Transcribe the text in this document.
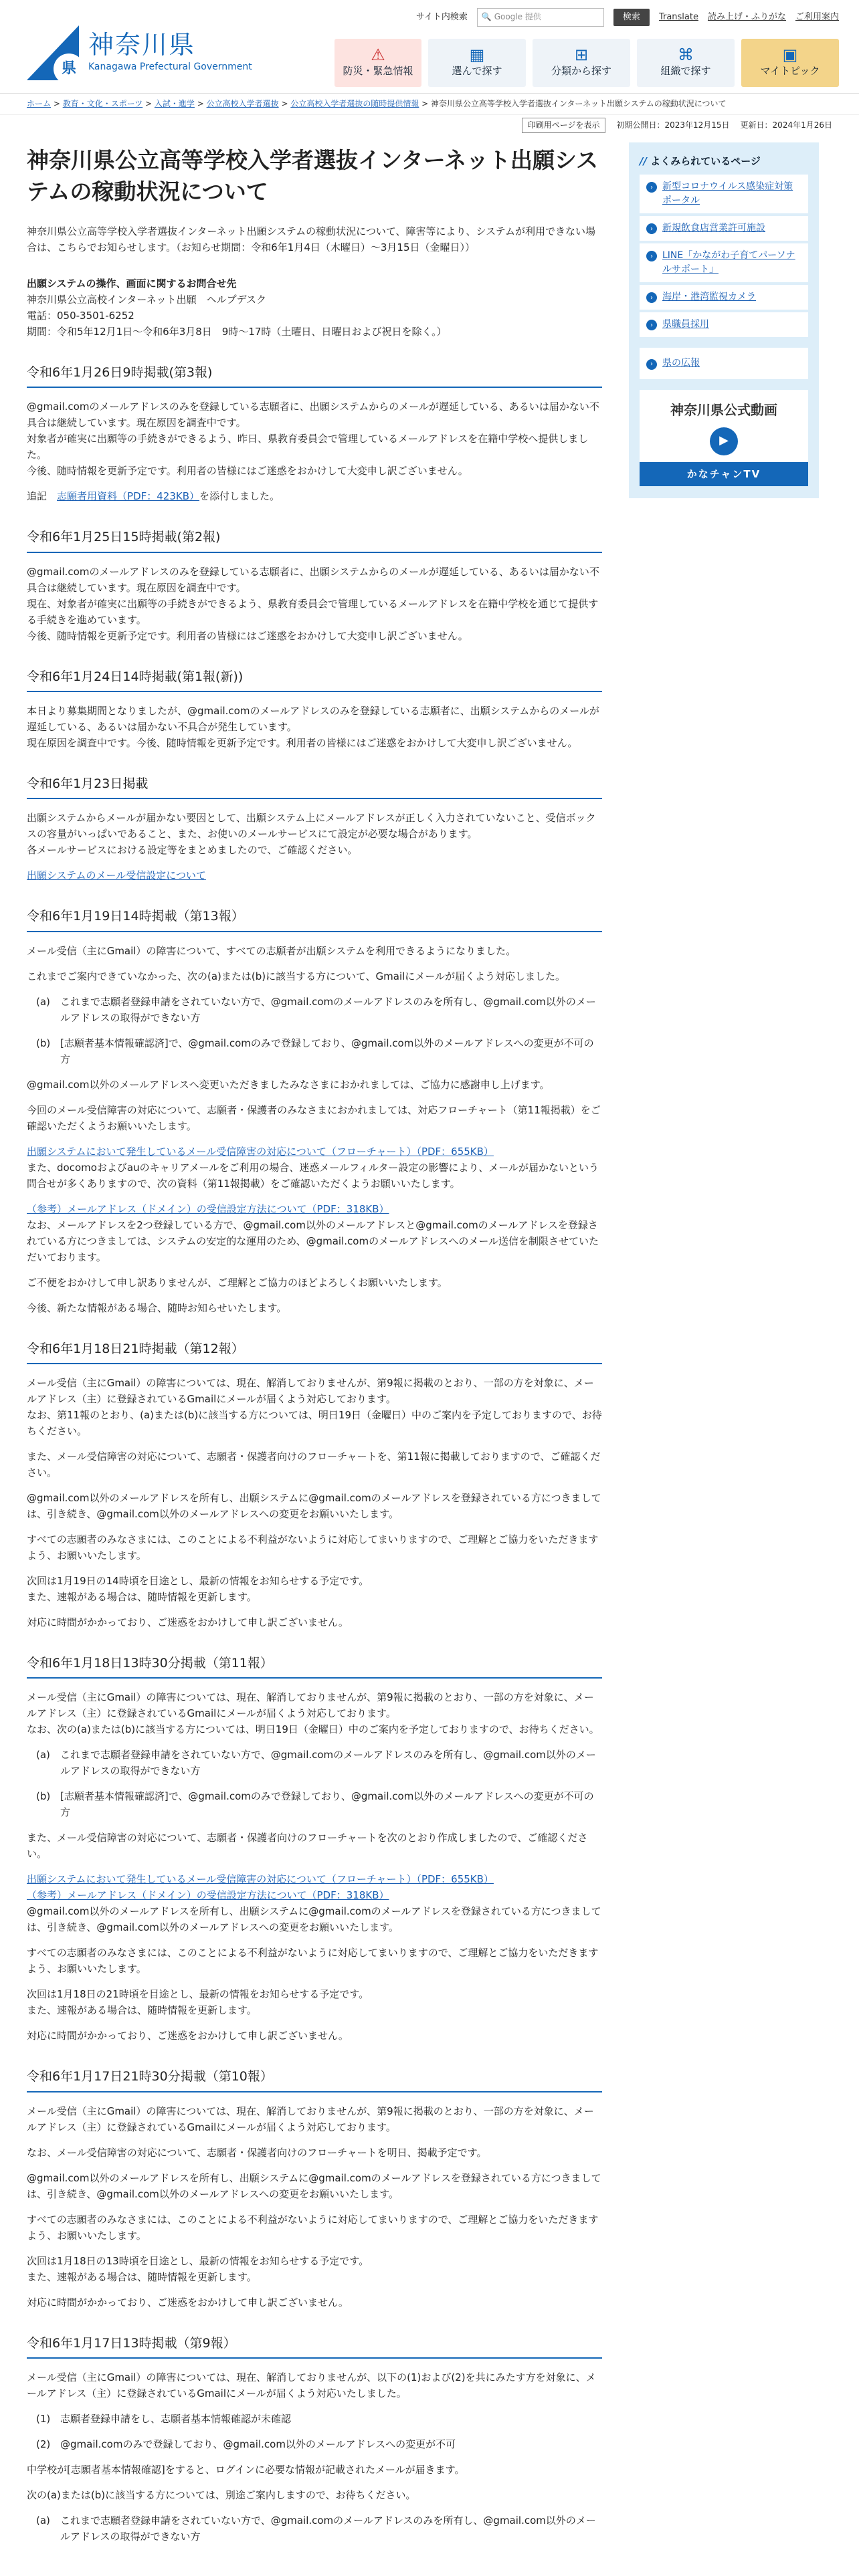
県
神奈川県
Kanagawa Prefectural Government
サイト内検索 🔍 Google 提供	検索	Translate 読み上げ・ふりがな ご利用案内
⚠
防災・緊急情報
▦
選んで探す
⊞
分類から探す
⌘
組織で探す
▣
マイトピック
ホーム > 教育・文化・スポーツ > 入試・進学 > 公立高校入学者選抜 > 公立高校入学者選抜の随時提供情報 > 神奈川県公立高等学校入学者選抜インターネット出願システムの稼動状況について
印刷用ページを表示	初期公開日：2023年12月15日 更新日：2024年1月26日
神奈川県公立高等学校入学者選抜インターネット出願システムの稼動状況について

神奈川県公立高等学校入学者選抜インターネット出願システムの稼動状況について、障害等により、システムが利用できない場合は、こちらでお知らせします。（お知らせ期間：令和6年1月4日（木曜日）～3月15日（金曜日））

出願システムの操作、画面に関するお問合せ先

神奈川県公立高校インターネット出願　ヘルプデスク

電話：050-3501-6252

期間：令和5年12月1日～令和6年3月8日　9時～17時（土曜日、日曜日および祝日を除く。）

令和6年1月26日9時掲載(第3報)

@gmail.comのメールアドレスのみを登録している志願者に、出願システムからのメールが遅延している、あるいは届かない不具合は継続しています。現在原因を調査中です。
対象者が確実に出願等の手続きができるよう、昨日、県教育委員会で管理しているメールアドレスを在籍中学校へ提供しました。
今後、随時情報を更新予定です。利用者の皆様にはご迷惑をおかけして大変申し訳ございません。

追記　 志願者用資料（PDF：423KB）を添付しました。

令和6年1月25日15時掲載(第2報)

@gmail.comのメールアドレスのみを登録している志願者に、出願システムからのメールが遅延している、あるいは届かない不具合は継続しています。現在原因を調査中です。
現在、対象者が確実に出願等の手続きができるよう、県教育委員会で管理しているメールアドレスを在籍中学校を通じて提供する手続きを進めています。
今後、随時情報を更新予定です。利用者の皆様にはご迷惑をおかけして大変申し訳ございません。

令和6年1月24日14時掲載(第1報(新))

本日より募集期間となりましたが、@gmail.comのメールアドレスのみを登録している志願者に、出願システムからのメールが遅延している、あるいは届かない不具合が発生しています。
現在原因を調査中です。今後、随時情報を更新予定です。利用者の皆様にはご迷惑をおかけして大変申し訳ございません。

令和6年1月23日掲載

出願システムからメールが届かない要因として、出願システム上にメールアドレスが正しく入力されていないこと、受信ボックスの容量がいっぱいであること、また、お使いのメールサービスにて設定が必要な場合があります。
各メールサービスにおける設定等をまとめましたので、ご確認ください。

出願システムのメール受信設定について

令和6年1月19日14時掲載（第13報）

メール受信（主にGmail）の障害について、すべての志願者が出願システムを利用できるようになりました。

これまでご案内できていなかった、次の(a)または(b)に該当する方について、Gmailにメールが届くよう対応しました。

(a)	これまで志願者登録申請をされていない方で、@gmail.comのメールアドレスのみを所有し、@gmail.com以外のメールアドレスの取得ができない方
(b) [志願者基本情報確認済]で、@gmail.comのみで登録しており、@gmail.com以外のメールアドレスへの変更が不可の方

@gmail.com以外のメールアドレスへ変更いただきましたみなさまにおかれましては、ご協力に感謝申し上げます。

今回のメール受信障害の対応について、志願者・保護者のみなさまにおかれましては、対応フローチャート（第11報掲載）をご確認いただくようお願いいたします。

出願システムにおいて発生しているメール受信障害の対応について（フローチャート）（PDF：655KB）

また、docomoおよびauのキャリアメールをご利用の場合、迷惑メールフィルター設定の影響により、メールが届かないという問合せが多くありますので、次の資料（第11報掲載）をご確認いただくようお願いいたします。

（参考）メールアドレス（ドメイン）の受信設定方法について（PDF：318KB）

なお、メールアドレスを2つ登録している方で、@gmail.com以外のメールアドレスと@gmail.comのメールアドレスを登録されている方につきましては、システムの安定的な運用のため、@gmail.comのメールアドレスへのメール送信を制限させていただいております。

ご不便をおかけして申し訳ありませんが、ご理解とご協力のほどよろしくお願いいたします。

今後、新たな情報がある場合、随時お知らせいたします。

令和6年1月18日21時掲載（第12報）

メール受信（主にGmail）の障害については、現在、解消しておりませんが、第9報に掲載のとおり、一部の方を対象に、メールアドレス（主）に登録されているGmailにメールが届くよう対応しております。
なお、第11報のとおり、(a)または(b)に該当する方については、明日19日（金曜日）中のご案内を予定しておりますので、お待ちください。

また、メール受信障害の対応について、志願者・保護者向けのフローチャートを、第11報に掲載しておりますので、ご確認ください。

@gmail.com以外のメールアドレスを所有し、出願システムに@gmail.comのメールアドレスを登録されている方につきましては、引き続き、@gmail.com以外のメールアドレスへの変更をお願いいたします。

すべての志願者のみなさまには、このことによる不利益がないように対応してまいりますので、ご理解とご協力をいただきますよう、お願いいたします。

次回は1月19日の14時頃を目途とし、最新の情報をお知らせする予定です。
また、速報がある場合は、随時情報を更新します。

対応に時間がかかっており、ご迷惑をおかけして申し訳ございません。

令和6年1月18日13時30分掲載（第11報）

メール受信（主にGmail）の障害については、現在、解消しておりませんが、第9報に掲載のとおり、一部の方を対象に、メールアドレス（主）に登録されているGmailにメールが届くよう対応しております。
なお、次の(a)または(b)に該当する方については、明日19日（金曜日）中のご案内を予定しておりますので、お待ちください。

(a)	これまで志願者登録申請をされていない方で、@gmail.comのメールアドレスのみを所有し、@gmail.com以外のメールアドレスの取得ができない方
(b) [志願者基本情報確認済]で、@gmail.comのみで登録しており、@gmail.com以外のメールアドレスへの変更が不可の方

また、メール受信障害の対応について、志願者・保護者向けのフローチャートを次のとおり作成しましたので、ご確認ください。

出願システムにおいて発生しているメール受信障害の対応について（フローチャート）（PDF：655KB）

（参考）メールアドレス（ドメイン）の受信設定方法について（PDF：318KB）

@gmail.com以外のメールアドレスを所有し、出願システムに@gmail.comのメールアドレスを登録されている方につきましては、引き続き、@gmail.com以外のメールアドレスへの変更をお願いいたします。

すべての志願者のみなさまには、このことによる不利益がないように対応してまいりますので、ご理解とご協力をいただきますよう、お願いいたします。

次回は1月18日の21時頃を目途とし、最新の情報をお知らせする予定です。
また、速報がある場合は、随時情報を更新します。

対応に時間がかかっており、ご迷惑をおかけして申し訳ございません。

令和6年1月17日21時30分掲載（第10報）

メール受信（主にGmail）の障害については、現在、解消しておりませんが、第9報に掲載のとおり、一部の方を対象に、メールアドレス（主）に登録されているGmailにメールが届くよう対応しております。

なお、メール受信障害の対応について、志願者・保護者向けのフローチャートを明日、掲載予定です。

@gmail.com以外のメールアドレスを所有し、出願システムに@gmail.comのメールアドレスを登録されている方につきましては、引き続き、@gmail.com以外のメールアドレスへの変更をお願いいたします。

すべての志願者のみなさまには、このことによる不利益がないように対応してまいりますので、ご理解とご協力をいただきますよう、お願いいたします。

次回は1月18日の13時頃を目途とし、最新の情報をお知らせする予定です。
また、速報がある場合は、随時情報を更新します。

対応に時間がかかっており、ご迷惑をおかけして申し訳ございません。

令和6年1月17日13時掲載（第9報）

メール受信（主にGmail）の障害については、現在、解消しておりませんが、以下の(1)および(2)を共にみたす方を対象に、メールアドレス（主）に登録されているGmailにメールが届くよう対応いたしました。

(1) 志願者登録申請をし、志願者基本情報確認が未確認
(2) @gmail.comのみで登録しており、@gmail.com以外のメールアドレスへの変更が不可

中学校が[志願者基本情報確認]をすると、ログインに必要な情報が記載されたメールが届きます。

次の(a)または(b)に該当する方については、別途ご案内しますので、お待ちください。

(a)	これまで志願者登録申請をされていない方で、@gmail.comのメールアドレスのみを所有し、@gmail.com以外のメールアドレスの取得ができない方
// よくみられているページ
›	新型コロナウイルス感染症対策ポータル
›	新規飲食店営業許可施設
›	LINE「かながわ子育てパーソナルサポート」
›	海岸・港湾監視カメラ
›	県職員採用
›	県の広報
神奈川県公式動画
▶
かなチャンTV
